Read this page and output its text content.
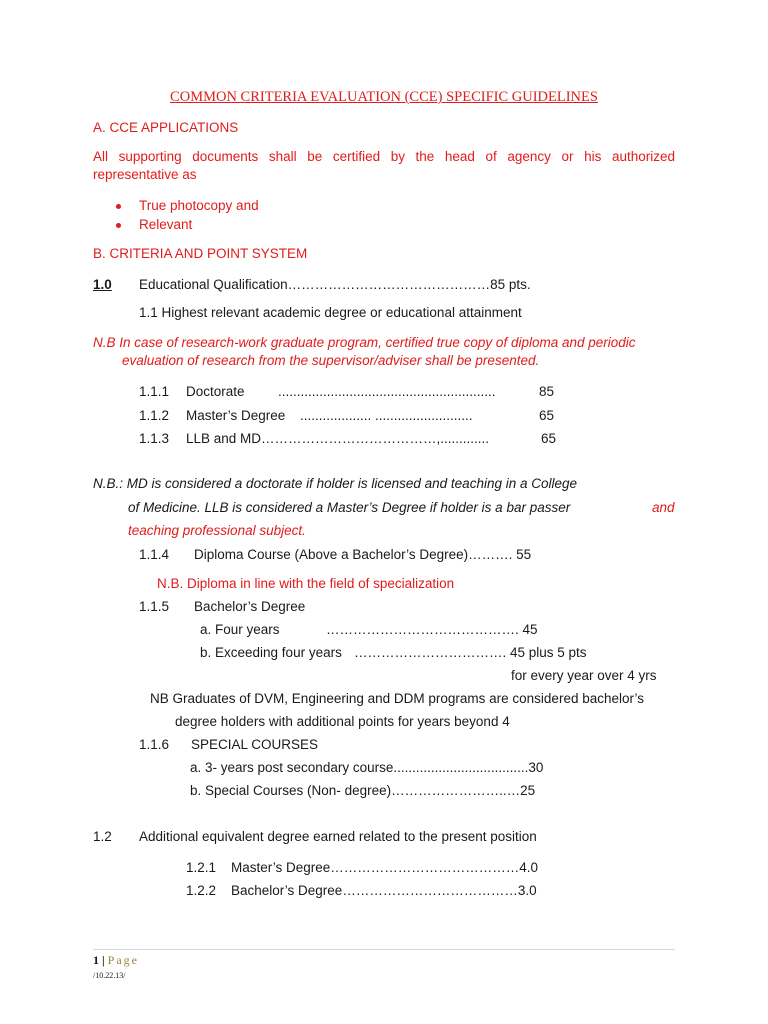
COMMON CRITERIA EVALUATION (CCE) SPECIFIC GUIDELINES
A. CCE APPLICATIONS
All supporting documents shall be certified by the head of agency or his authorized
representative as
True photocopy and
Relevant
B. CRITERIA AND POINT SYSTEM
1.0 Educational Qualification………………………………………85 pts.
1.1 Highest relevant academic degree or educational attainment
N.B In case of research-work graduate program, certified true copy of diploma and periodic
evaluation of research from the supervisor/adviser shall be presented.
1.1.1 Doctorate ..........................................................	85
1.1.2 Master’s Degree ................... ..........................	65
1.1.3 LLB and MD…………………………………,.............	65
N.B.: MD is considered a doctorate if holder is licensed and teaching in a College
of Medicine. LLB is considered a Master’s Degree if holder is a bar passer	and
teaching professional subject.
1.1.4 Diploma Course (Above a Bachelor’s Degree)………. 55
N.B. Diploma in line with the field of specialization
1.1.5 Bachelor’s Degree
a. Four years	……………………………………. 45
b. Exceeding four years ……………………………. 45 plus 5 pts
for every year over 4 yrs
NB Graduates of DVM, Engineering and DDM programs are considered bachelor’s
degree holders with additional points for years beyond 4
1.1.6 SPECIAL COURSES
a. 3- years post secondary course....................................30
b. Special Courses (Non- degree)……………………..…25
1.2 Additional equivalent degree earned related to the present position
1.2.1 Master’s Degree……………………………………4.0
1.2.2 Bachelor’s Degree…………………………………3.0
1 | Page
/10.22.13/
